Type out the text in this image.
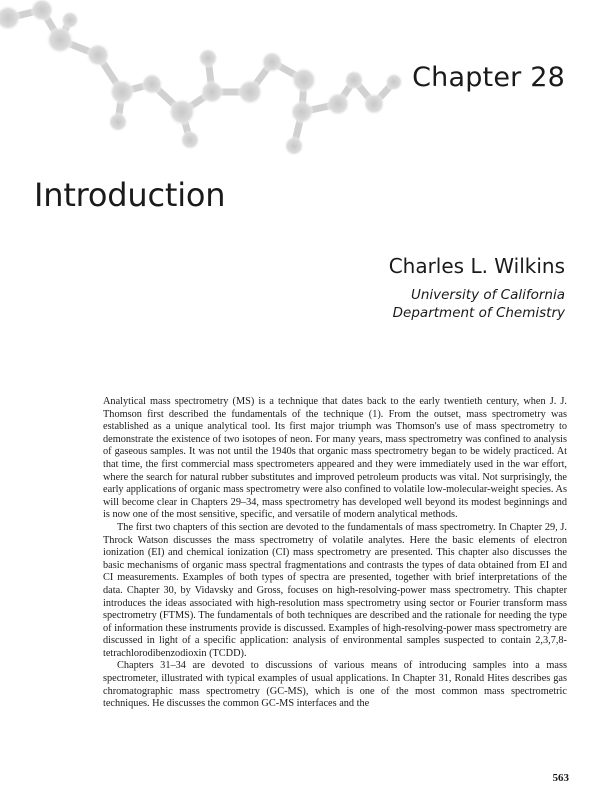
Chapter 28
Introduction
Charles L. Wilkins
University of California
Department of Chemistry

Analytical mass spectrometry (MS) is a technique that dates back to the early twentieth century, when J. J. Thomson first described the fundamentals of the technique (1). From the outset, mass spectrometry was established as a unique analytical tool. Its first major triumph was Thomson's use of mass spectrometry to demonstrate the existence of two isotopes of neon. For many years, mass spectrometry was confined to analysis of gaseous samples. It was not until the 1940s that organic mass spectrometry began to be widely practiced. At that time, the first commercial mass spectrometers appeared and they were immediately used in the war effort, where the search for natural rubber substitutes and improved petroleum products was vital. Not surprisingly, the early applications of organic mass spectrometry were also confined to volatile low-molecular-weight species. As will become clear in Chapters 29–34, mass spectrometry has developed well beyond its modest beginnings and is now one of the most sensitive, specific, and versatile of modern analytical methods.

The first two chapters of this section are devoted to the fundamentals of mass spectrometry. In Chapter 29, J. Throck Watson discusses the mass spectrometry of volatile analytes. Here the basic elements of electron ionization (EI) and chemical ionization (CI) mass spectrometry are presented. This chapter also discusses the basic mechanisms of organic mass spectral fragmentations and contrasts the types of data obtained from EI and CI measurements. Examples of both types of spectra are presented, together with brief interpretations of the data. Chapter 30, by Vidavsky and Gross, focuses on high-resolving-power mass spectrometry. This chapter introduces the ideas associated with high-resolution mass spectrometry using sector or Fourier transform mass spectrometry (FTMS). The fundamentals of both techniques are described and the rationale for needing the type of information these instruments provide is discussed. Examples of high-resolving-power mass spectrometry are discussed in light of a specific application: analysis of environmental samples suspected to contain 2,3,7,8-tetrachlorodibenzodioxin (TCDD).

Chapters 31–34 are devoted to discussions of various means of introducing samples into a mass spectrometer, illustrated with typical examples of usual applications. In Chapter 31, Ronald Hites describes gas chromatographic mass spectrometry (GC-MS), which is one of the most common mass spectrometric techniques. He discusses the common GC-MS interfaces and the

563
